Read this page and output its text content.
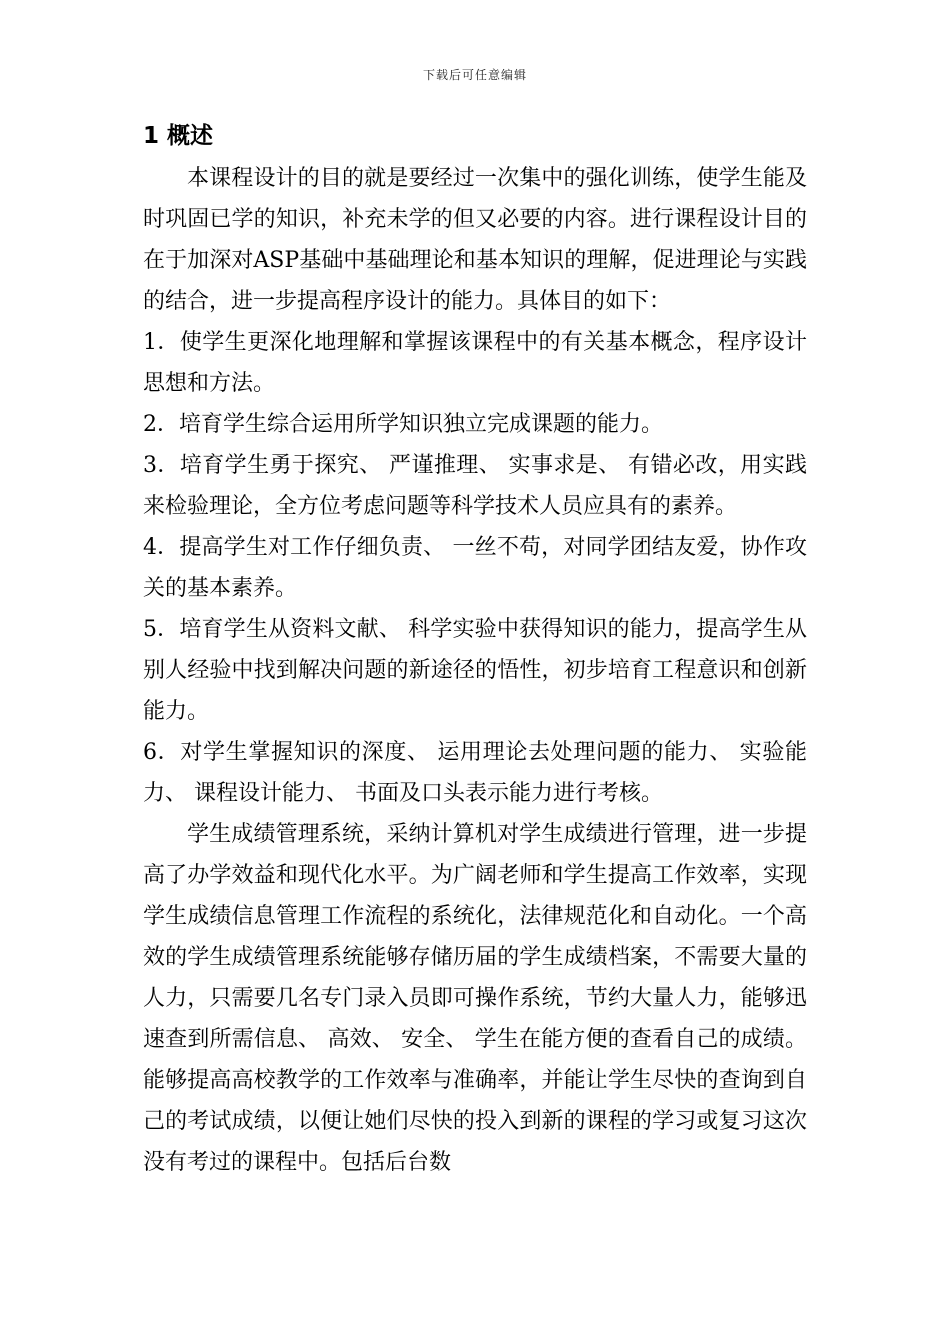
下载后可任意编辑
1 概述

本课程设计的目的就是要经过一次集中的强化训练，使学生能及时巩固已学的知识，补充未学的但又必要的内容。进行课程设计目的在于加深对ASP基础中基础理论和基本知识的理解，促进理论与实践的结合，进一步提高程序设计的能力。具体目的如下：

1．使学生更深化地理解和掌握该课程中的有关基本概念，程序设计思想和方法。

2．培育学生综合运用所学知识独立完成课题的能力。

3．培育学生勇于探究、 严谨推理、 实事求是、 有错必改，用实践来检验理论，全方位考虑问题等科学技术人员应具有的素养。

4．提高学生对工作仔细负责、 一丝不苟，对同学团结友爱，协作攻关的基本素养。

5．培育学生从资料文献、 科学实验中获得知识的能力，提高学生从别人经验中找到解决问题的新途径的悟性，初步培育工程意识和创新能力。

6．对学生掌握知识的深度、 运用理论去处理问题的能力、 实验能力、 课程设计能力、 书面及口头表示能力进行考核。

学生成绩管理系统，采纳计算机对学生成绩进行管理，进一步提高了办学效益和现代化水平。为广阔老师和学生提高工作效率，实现学生成绩信息管理工作流程的系统化，法律规范化和自动化。一个高效的学生成绩管理系统能够存储历届的学生成绩档案，不需要大量的人力，只需要几名专门录入员即可操作系统，节约大量人力，能够迅速查到所需信息、 高效、 安全、 学生在能方便的查看自己的成绩。能够提高高校教学的工作效率与准确率，并能让学生尽快的查询到自己的考试成绩，以便让她们尽快的投入到新的课程的学习或复习这次没有考过的课程中。包括后台数
